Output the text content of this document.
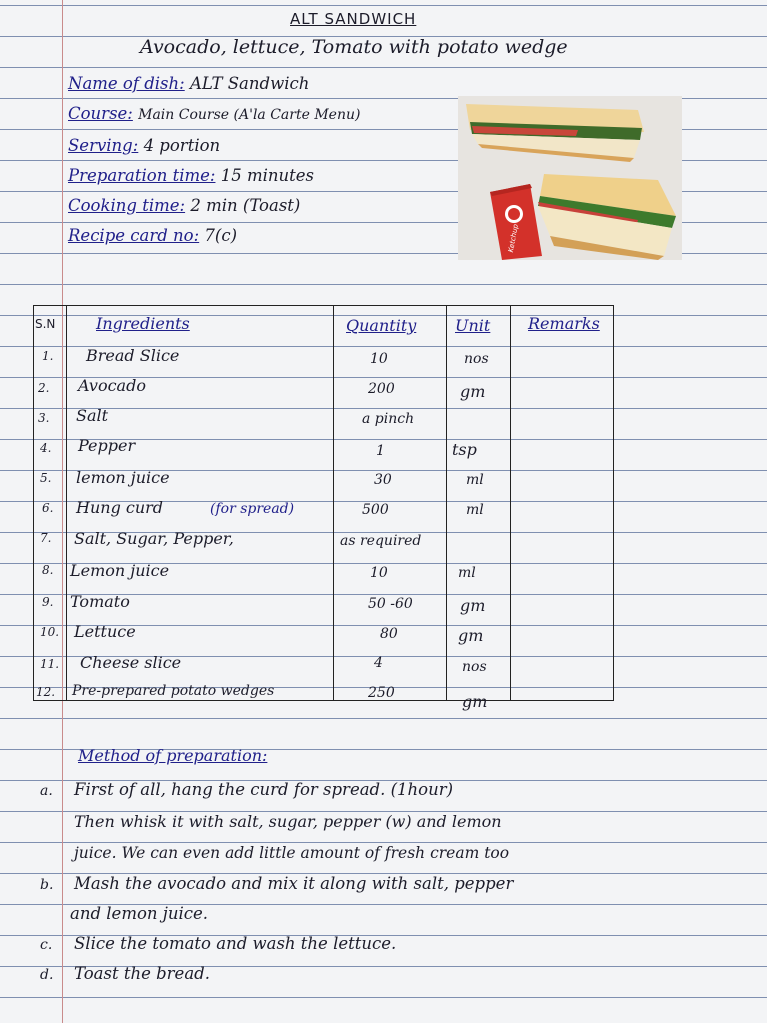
ALT SANDWICH
Avocado, lettuce, Tomato with potato wedge
Name of dish: ALT Sandwich
Course: Main Course (A'la Carte Menu)
Serving: 4 portion
Preparation time: 15 minutes
Cooking time: 2 min (Toast)
Recipe card no: 7(c)	Ketchup
S.N	Ingredients	Quantity Unit Remarks
1. Bread Slice	10	nos
2. Avocado	200	gm
3. Salt	a pinch
4. Pepper	1	tsp
5. lemon juice	30	ml
6. Hung curd	(for spread)	500	ml
7. Salt, Sugar, Pepper,	as required
8. Lemon juice	10	ml
9. Tomato	50 -60	gm
10. Lettuce	80	gm
11. Cheese slice	4	nos
12. Pre-prepared potato wedges	250	gm
Method of preparation:
a. First of all, hang the curd for spread. (1hour)
Then whisk it with salt, sugar, pepper (w) and lemon
juice. We can even add little amount of fresh cream too
b. Mash the avocado and mix it along with salt, pepper
and lemon juice.
c. Slice the tomato and wash the lettuce.
d. Toast the bread.
